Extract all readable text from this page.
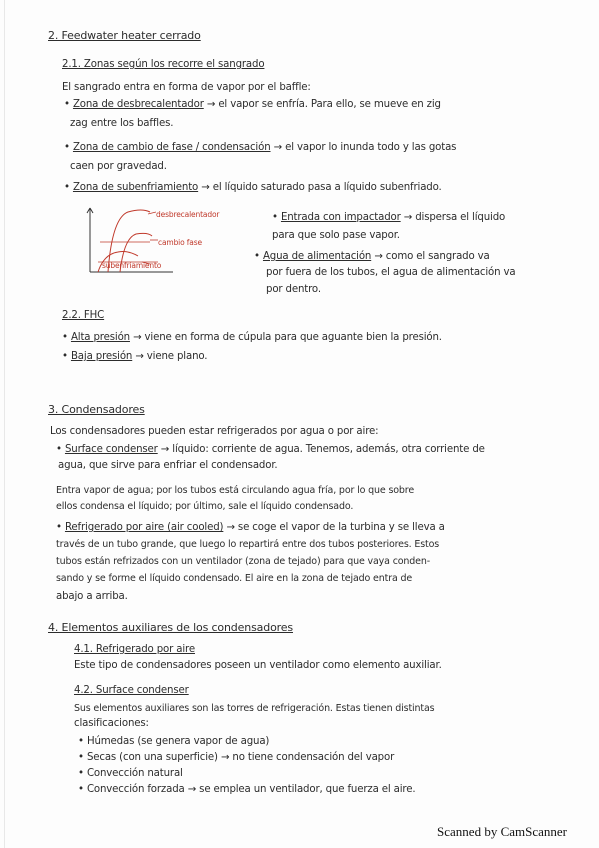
2. Feedwater heater cerrado
2.1. Zonas según los recorre el sangrado
El sangrado entra en forma de vapor por el baffle:
• Zona de desbrecalentador → el vapor se enfría. Para ello, se mueve en zig
zag entre los baffles.
• Zona de cambio de fase / condensación → el vapor lo inunda todo y las gotas
caen por gravedad.
• Zona de subenfriamiento → el líquido saturado pasa a líquido subenfriado.
desbrecalentador
cambio fase
subenfriamiento
• Entrada con impactador → dispersa el líquido
para que solo pase vapor.
• Agua de alimentación → como el sangrado va
por fuera de los tubos, el agua de alimentación va
por dentro.
2.2. FHC
• Alta presión → viene en forma de cúpula para que aguante bien la presión.
• Baja presión → viene plano.
3. Condensadores
Los condensadores pueden estar refrigerados por agua o por aire:
• Surface condenser → líquido: corriente de agua. Tenemos, además, otra corriente de
agua, que sirve para enfriar el condensador.
Entra vapor de agua; por los tubos está circulando agua fría, por lo que sobre
ellos condensa el líquido; por último, sale el líquido condensado.
• Refrigerado por aire (air cooled) → se coge el vapor de la turbina y se lleva a
través de un tubo grande, que luego lo repartirá entre dos tubos posteriores. Estos
tubos están refrizados con un ventilador (zona de tejado) para que vaya conden-
sando y se forme el líquido condensado. El aire en la zona de tejado entra de
abajo a arriba.
4. Elementos auxiliares de los condensadores
4.1. Refrigerado por aire
Este tipo de condensadores poseen un ventilador como elemento auxiliar.
4.2. Surface condenser
Sus elementos auxiliares son las torres de refrigeración. Estas tienen distintas
clasificaciones:
• Húmedas (se genera vapor de agua)
• Secas (con una superficie) → no tiene condensación del vapor
• Convección natural
• Convección forzada → se emplea un ventilador, que fuerza el aire.
Scanned by CamScanner
